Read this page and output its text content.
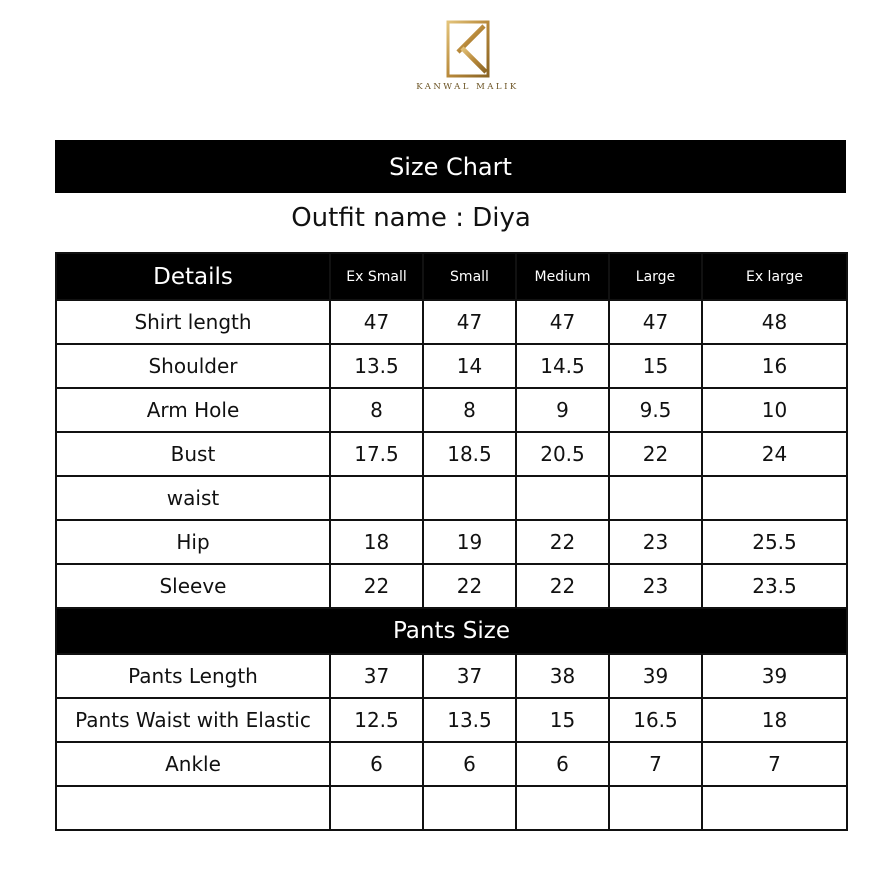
KANWAL MALIK
Size Chart
Outfit name : Diya
Details	Ex Small	Small	Medium	Large	Ex large
Shirt length	47	47	47	47	48
Shoulder	13.5	14	14.5	15	16
Arm Hole	8	8	9	9.5	10
Bust	17.5	18.5	20.5	22	24
waist					
Hip	18	19	22	23	25.5
Sleeve	22	22	22	23	23.5
Pants Size					
Pants Length	37	37	38	39	39
Pants Waist with Elastic	12.5	13.5	15	16.5	18
Ankle	6	6	6	7	7
